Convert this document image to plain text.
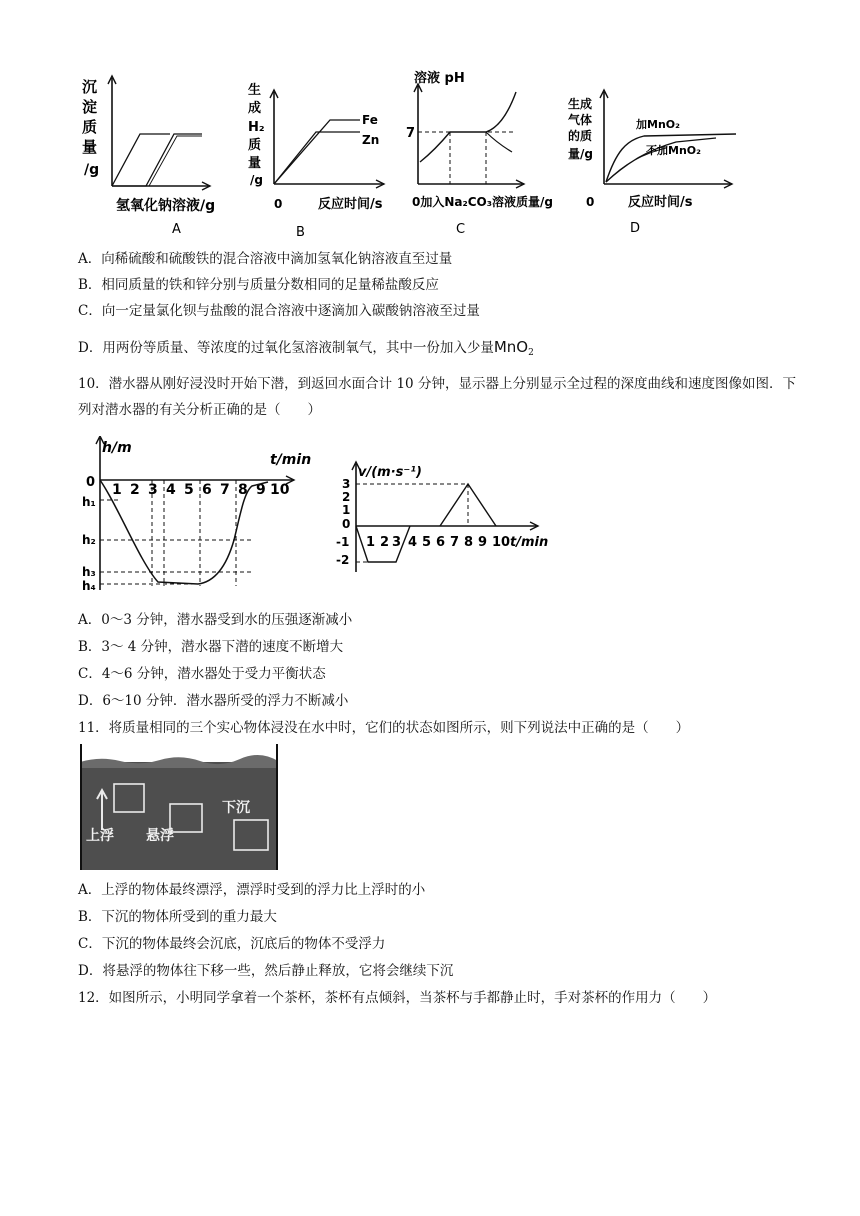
沉
淀
质
量
/g
氢氧化钠溶液/g
A
Fe
Zn
生
成
H₂
质
量
/g
0	反应时间/s
B
溶液 pH
7
0加入Na₂CO₃溶液质量/g
C
生成
气体
的质
量/g
加MnO₂
不加MnO₂
0	反应时间/s
D
A．向稀硫酸和硫酸铁的混合溶液中滴加氢氧化钠溶液直至过量
B．相同质量的铁和锌分别与质量分数相同的足量稀盐酸反应
C．向一定量氯化钡与盐酸的混合溶液中逐滴加入碳酸钠溶液至过量
D．用两份等质量、等浓度的过氧化氢溶液制氧气，其中一份加入少量MnO$_2$
10．潜水器从刚好浸没时开始下潜，到返回水面合计 10 分钟，显示器上分别显示全过程的深度曲线和速度图像如图．下列对潜水器的有关分析正确的是（　　）
h/m
t/min
0 1 2 3 4 5 6 7 8 9 10
h₁
h₂
h₃
h₄
v/(m·s⁻¹)
3
2
1
0
-1
-2
1 2 3 4 5 6 7 8 9 10 t/min
A．0～3 分钟，潜水器受到水的压强逐渐减小
B．3～ 4 分钟，潜水器下潜的速度不断增大
C．4～6 分钟，潜水器处于受力平衡状态
D．6～10 分钟．潜水器所受的浮力不断减小
11．将质量相同的三个实心物体浸没在水中时，它们的状态如图所示，则下列说法中正确的是（　　）
上浮 悬浮
下沉
A．上浮的物体最终漂浮，漂浮时受到的浮力比上浮时的小
B．下沉的物体所受到的重力最大
C．下沉的物体最终会沉底，沉底后的物体不受浮力
D．将悬浮的物体往下移一些，然后静止释放，它将会继续下沉
12．如图所示，小明同学拿着一个茶杯，茶杯有点倾斜，当茶杯与手都静止时，手对茶杯的作用力（　　）
